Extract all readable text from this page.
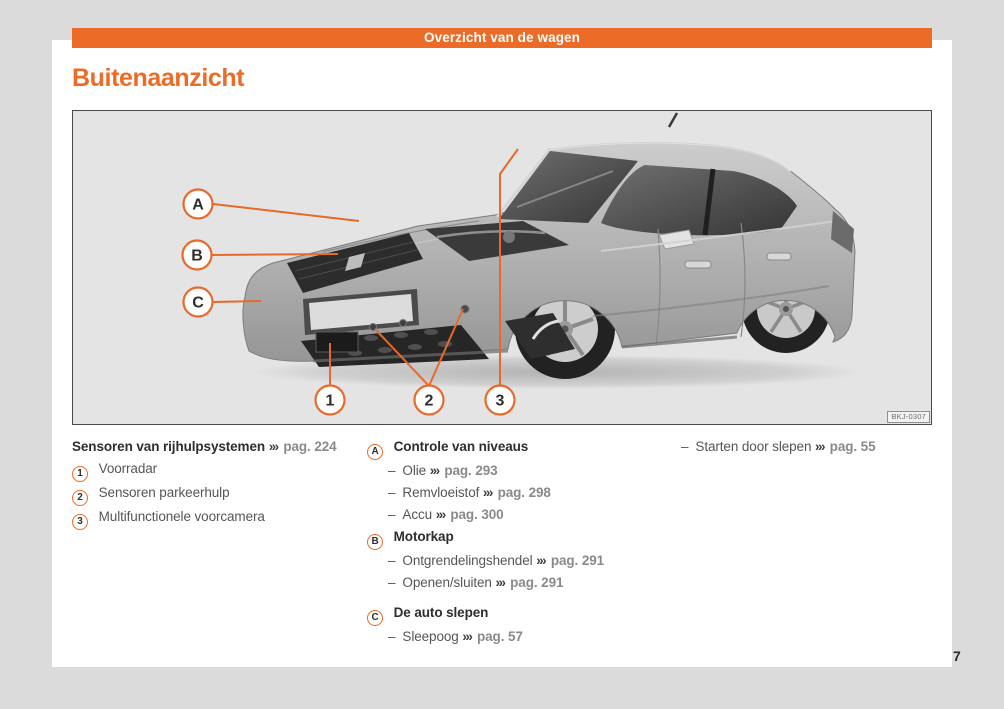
Overzicht van de wagen
Buitenaanzicht
A
B
C
1	2	3
BKJ-0307
Sensoren van rijhulpsystemen ››› pag. 224
1 Voorradar
2 Sensoren parkeerhulp
3 Multifunctionele voorcamera
A Controle van niveaus
– Olie ››› pag. 293
– Remvloeistof ››› pag. 298
– Accu ››› pag. 300
B Motorkap
– Ontgrendelingshendel ››› pag. 291
– Openen/sluiten ››› pag. 291
C De auto slepen
– Sleepoog ››› pag. 57
– Starten door slepen ››› pag. 55
7
